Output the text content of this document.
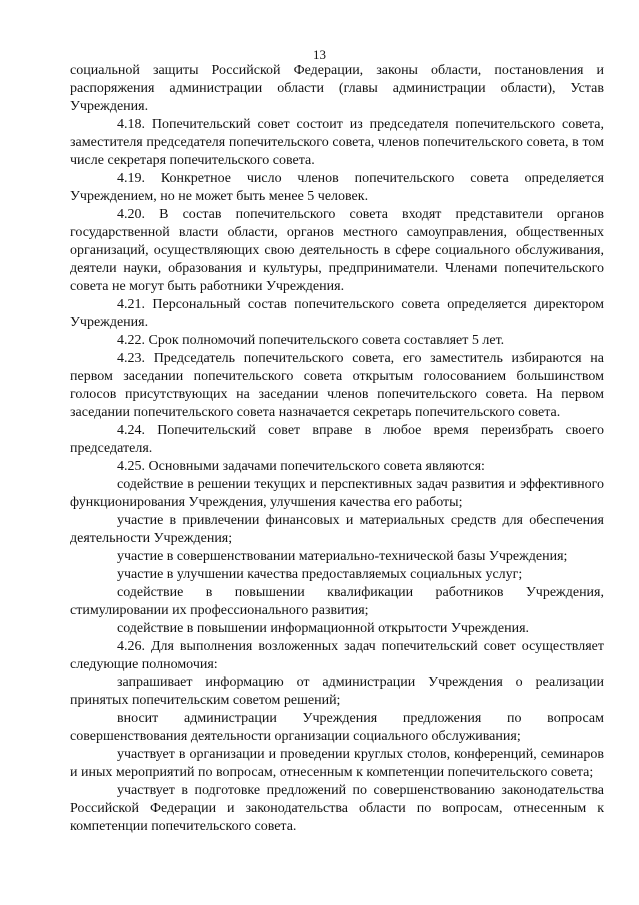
13

социальной защиты Российской Федерации, законы области, постановления и распоряжения администрации области (главы администрации области), Устав Учреждения.

4.18. Попечительский совет состоит из председателя попечительского совета, заместителя председателя попечительского совета, членов попечительского совета, в том числе секретаря попечительского совета.

4.19. Конкретное число членов попечительского совета определяется Учреждением, но не может быть менее 5 человек.

4.20. В состав попечительского совета входят представители органов государственной власти области, органов местного самоуправления, общественных организаций, осуществляющих свою деятельность в сфере социального обслуживания, деятели науки, образования и культуры, предприниматели. Членами попечительского совета не могут быть работники Учреждения.

4.21. Персональный состав попечительского совета определяется директором Учреждения.

4.22. Срок полномочий попечительского совета составляет 5 лет.

4.23. Председатель попечительского совета, его заместитель избираются на первом заседании попечительского совета открытым голосованием большинством голосов присутствующих на заседании членов попечительского совета. На первом заседании попечительского совета назначается секретарь попечительского совета.

4.24. Попечительский совет вправе в любое время переизбрать своего председателя.

4.25. Основными задачами попечительского совета являются:

содействие в решении текущих и перспективных задач развития и эффективного функционирования Учреждения, улучшения качества его работы;

участие в привлечении финансовых и материальных средств для обеспечения деятельности Учреждения;

участие в совершенствовании материально-технической базы Учреждения;

участие в улучшении качества предоставляемых социальных услуг;

содействие в повышении квалификации работников Учреждения, стимулировании их профессионального развития;

содействие в повышении информационной открытости Учреждения.

4.26. Для выполнения возложенных задач попечительский совет осуществляет следующие полномочия:

запрашивает информацию от администрации Учреждения о реализации принятых попечительским советом решений;

вносит администрации Учреждения предложения по вопросам совершенствования деятельности организации социального обслуживания;

участвует в организации и проведении круглых столов, конференций, семинаров и иных мероприятий по вопросам, отнесенным к компетенции попечительского совета;

участвует в подготовке предложений по совершенствованию законодательства Российской Федерации и законодательства области по вопросам, отнесенным к компетенции попечительского совета.
